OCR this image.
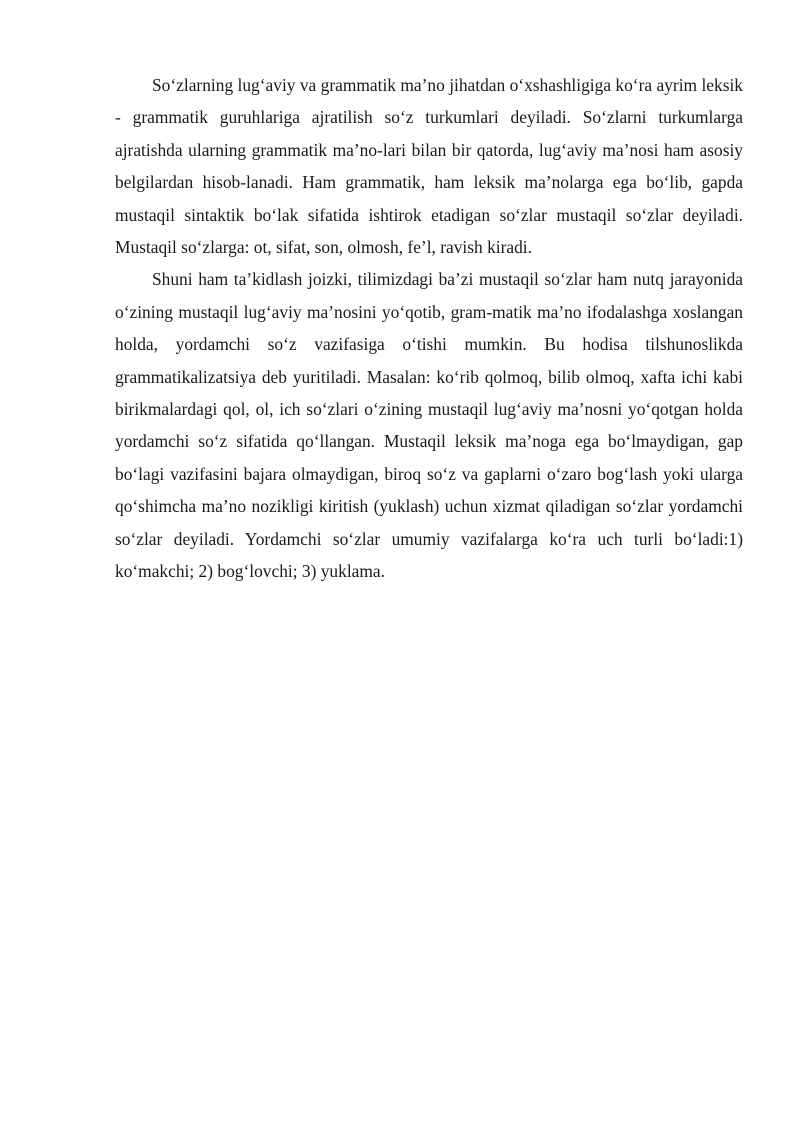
So‘zlarning lug‘aviy va grammatik ma’no jihatdan o‘xshashligiga ko‘ra ayrim leksik - grammatik guruhlariga ajratilish so‘z turkumlari deyiladi. So‘zlarni turkumlarga ajratishda ularning grammatik ma’no-lari bilan bir qatorda, lug‘aviy ma’nosi ham asosiy belgilardan hisob-lanadi. Ham grammatik, ham leksik ma’nolarga ega bo‘lib, gapda mustaqil sintaktik bo‘lak sifatida ishtirok etadigan so‘zlar mustaqil so‘zlar deyiladi. Mustaqil so‘zlarga: ot, sifat, son, olmosh, fe’l, ravish kiradi.

Shuni ham ta’kidlash joizki, tilimizdagi ba’zi mustaqil so‘zlar ham nutq jarayonida o‘zining mustaqil lug‘aviy ma’nosini yo‘qotib, gram-matik ma’no ifodalashga xoslangan holda, yordamchi so‘z vazifasiga o‘tishi mumkin. Bu hodisa tilshunoslikda grammatikalizatsiya deb yuritiladi. Masalan: ko‘rib qolmoq, bilib olmoq, xafta ichi kabi birikmalardagi qol, ol, ich so‘zlari o‘zining mustaqil lug‘aviy ma’nosni yo‘qotgan holda yordamchi so‘z sifatida qo‘llangan. Mustaqil leksik ma’noga ega bo‘lmaydigan, gap bo‘lagi vazifasini bajara olmaydigan, biroq so‘z va gaplarni o‘zaro bog‘lash yoki ularga qo‘shimcha ma’no nozikligi kiritish (yuklash) uchun xizmat qiladigan so‘zlar yordamchi so‘zlar deyiladi. Yordamchi so‘zlar umumiy vazifalarga ko‘ra uch turli bo‘ladi:1) ko‘makchi; 2) bog‘lovchi; 3) yuklama.
